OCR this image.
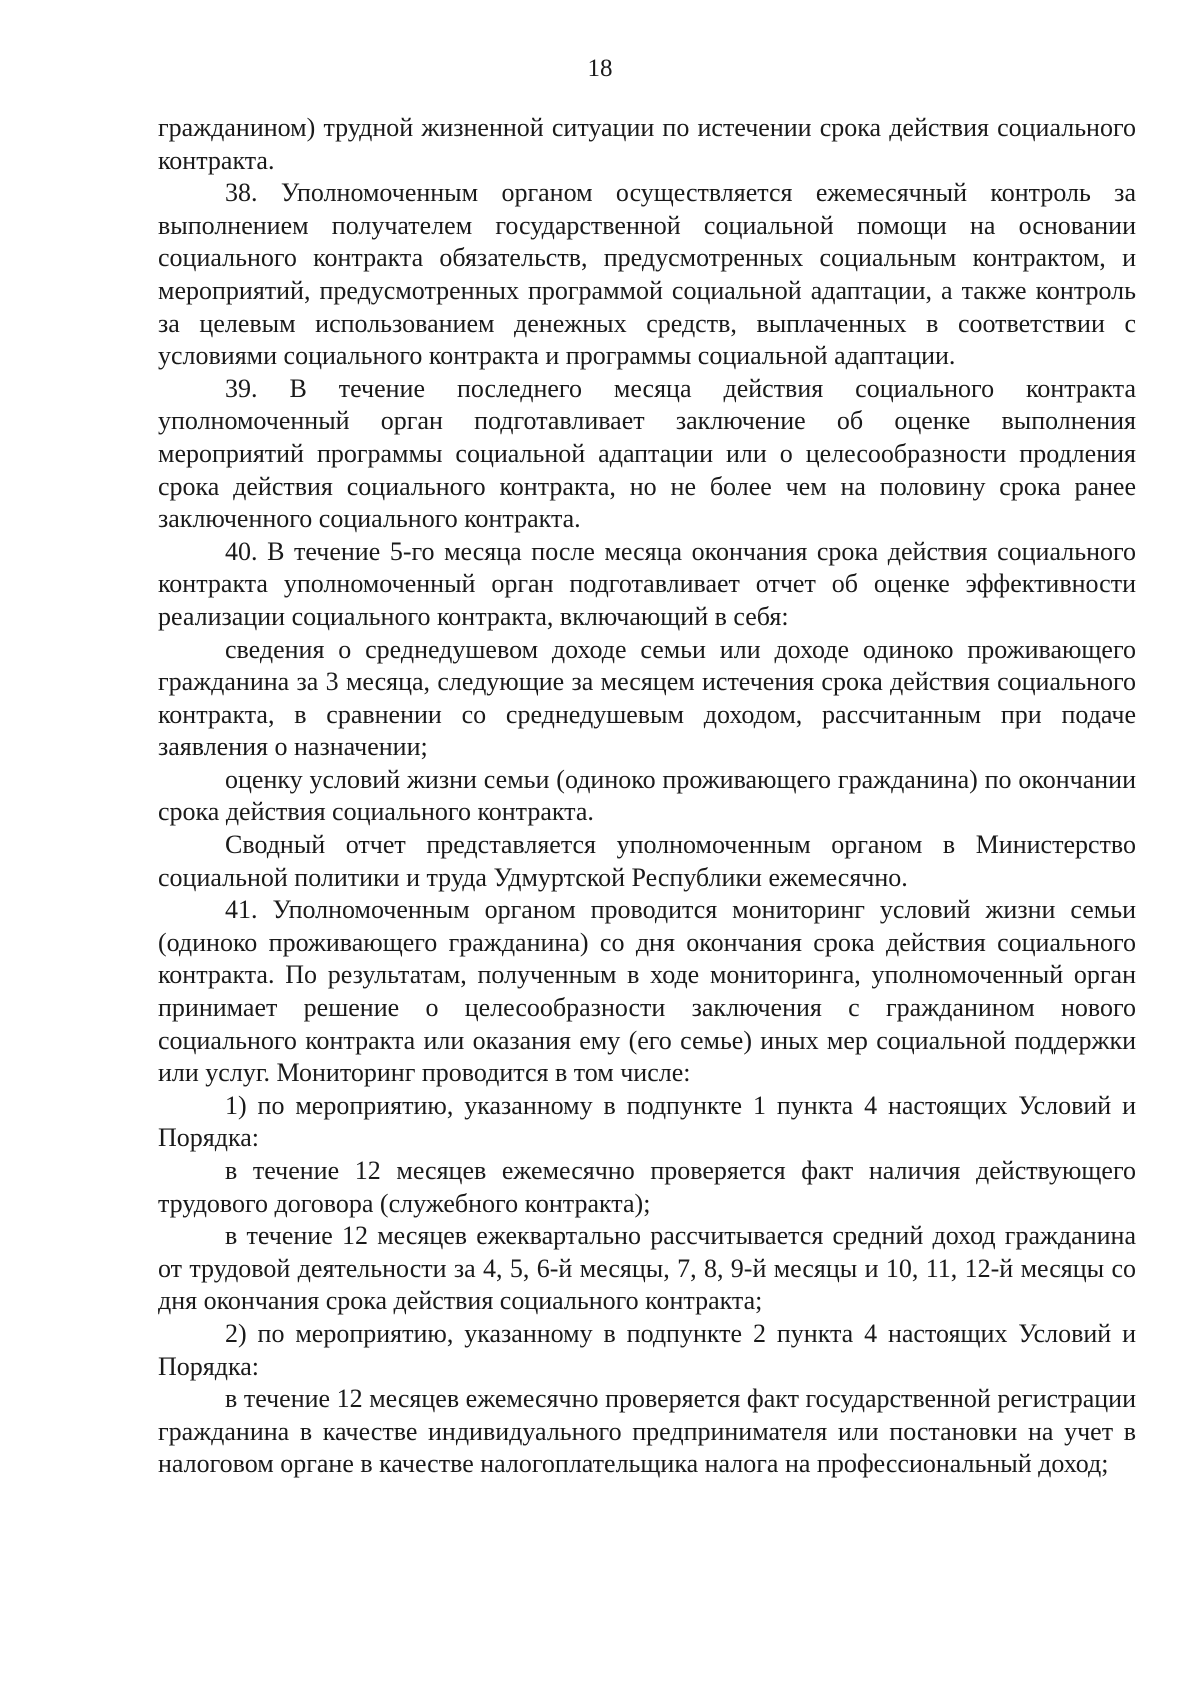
18

гражданином) трудной жизненной ситуации по истечении срока действия социального контракта.

38. Уполномоченным органом осуществляется ежемесячный контроль за выполнением получателем государственной социальной помощи на основании социального контракта обязательств, предусмотренных социальным контрактом, и мероприятий, предусмотренных программой социальной адаптации, а также контроль за целевым использованием денежных средств, выплаченных в соответствии с условиями социального контракта и программы социальной адаптации.

39. В течение последнего месяца действия социального контракта уполномоченный орган подготавливает заключение об оценке выполнения мероприятий программы социальной адаптации или о целесообразности продления срока действия социального контракта, но не более чем на половину срока ранее заключенного социального контракта.

40. В течение 5-го месяца после месяца окончания срока действия социального контракта уполномоченный орган подготавливает отчет об оценке эффективности реализации социального контракта, включающий в себя:

сведения о среднедушевом доходе семьи или доходе одиноко проживающего гражданина за 3 месяца, следующие за месяцем истечения срока действия социального контракта, в сравнении со среднедушевым доходом, рассчитанным при подаче заявления о назначении;

оценку условий жизни семьи (одиноко проживающего гражданина) по окончании срока действия социального контракта.

Сводный отчет представляется уполномоченным органом в Министерство социальной политики и труда Удмуртской Республики ежемесячно.

41. Уполномоченным органом проводится мониторинг условий жизни семьи (одиноко проживающего гражданина) со дня окончания срока действия социального контракта. По результатам, полученным в ходе мониторинга, уполномоченный орган принимает решение о целесообразности заключения с гражданином нового социального контракта или оказания ему (его семье) иных мер социальной поддержки или услуг. Мониторинг проводится в том числе:

1) по мероприятию, указанному в подпункте 1 пункта 4 настоящих Условий и Порядка:

в течение 12 месяцев ежемесячно проверяется факт наличия действующего трудового договора (служебного контракта);

в течение 12 месяцев ежеквартально рассчитывается средний доход гражданина от трудовой деятельности за 4, 5, 6-й месяцы, 7, 8, 9-й месяцы и 10, 11, 12-й месяцы со дня окончания срока действия социального контракта;

2) по мероприятию, указанному в подпункте 2 пункта 4 настоящих Условий и Порядка:

в течение 12 месяцев ежемесячно проверяется факт государственной регистрации гражданина в качестве индивидуального предпринимателя или постановки на учет в налоговом органе в качестве налогоплательщика налога на профессиональный доход;
